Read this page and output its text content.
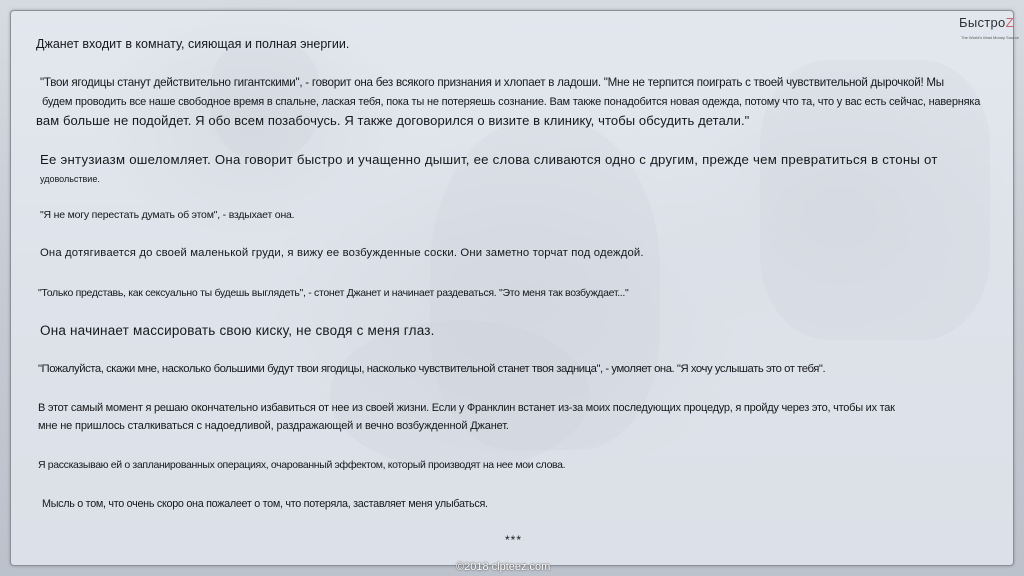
БыстроZ
The World's Most Money Source
Джанет входит в комнату, сияющая и полная энергии.
"Твои ягодицы станут действительно гигантскими", - говорит она без всякого признания и хлопает в ладоши. "Мне не терпится поиграть с твоей чувствительной дырочкой! Мы
будем проводить все наше свободное время в спальне, лаская тебя, пока ты не потеряешь сознание. Вам также понадобится новая одежда, потому что та, что у вас есть сейчас, наверняка
вам больше не подойдет. Я обо всем позабочусь. Я также договорился о визите в клинику, чтобы обсудить детали."
Ее энтузиазм ошеломляет. Она говорит быстро и учащенно дышит, ее слова сливаются одно с другим, прежде чем превратиться в стоны от
удовольствие.
"Я не могу перестать думать об этом", - вздыхает она.
Она дотягивается до своей маленькой груди, я вижу ее возбужденные соски. Они заметно торчат под одеждой.
"Только представь, как сексуально ты будешь выглядеть", - стонет Джанет и начинает раздеваться. "Это меня так возбуждает..."
Она начинает массировать свою киску, не сводя с меня глаз.
"Пожалуйста, скажи мне, насколько большими будут твои ягодицы, насколько чувствительной станет твоя задница", - умоляет она. "Я хочу услышать это от тебя".
В этот самый момент я решаю окончательно избавиться от нее из своей жизни. Если у Франклин встанет из-за моих последующих процедур, я пройду через это, чтобы их так
мне не пришлось сталкиваться с надоедливой, раздражающей и вечно возбужденной Джанет.
Я рассказываю ей о запланированных операциях, очарованный эффектом, который производят на нее мои слова.
Мысль о том, что очень скоро она пожалеет о том, что потеряла, заставляет меня улыбаться.
***
©2018 clpteez.com
